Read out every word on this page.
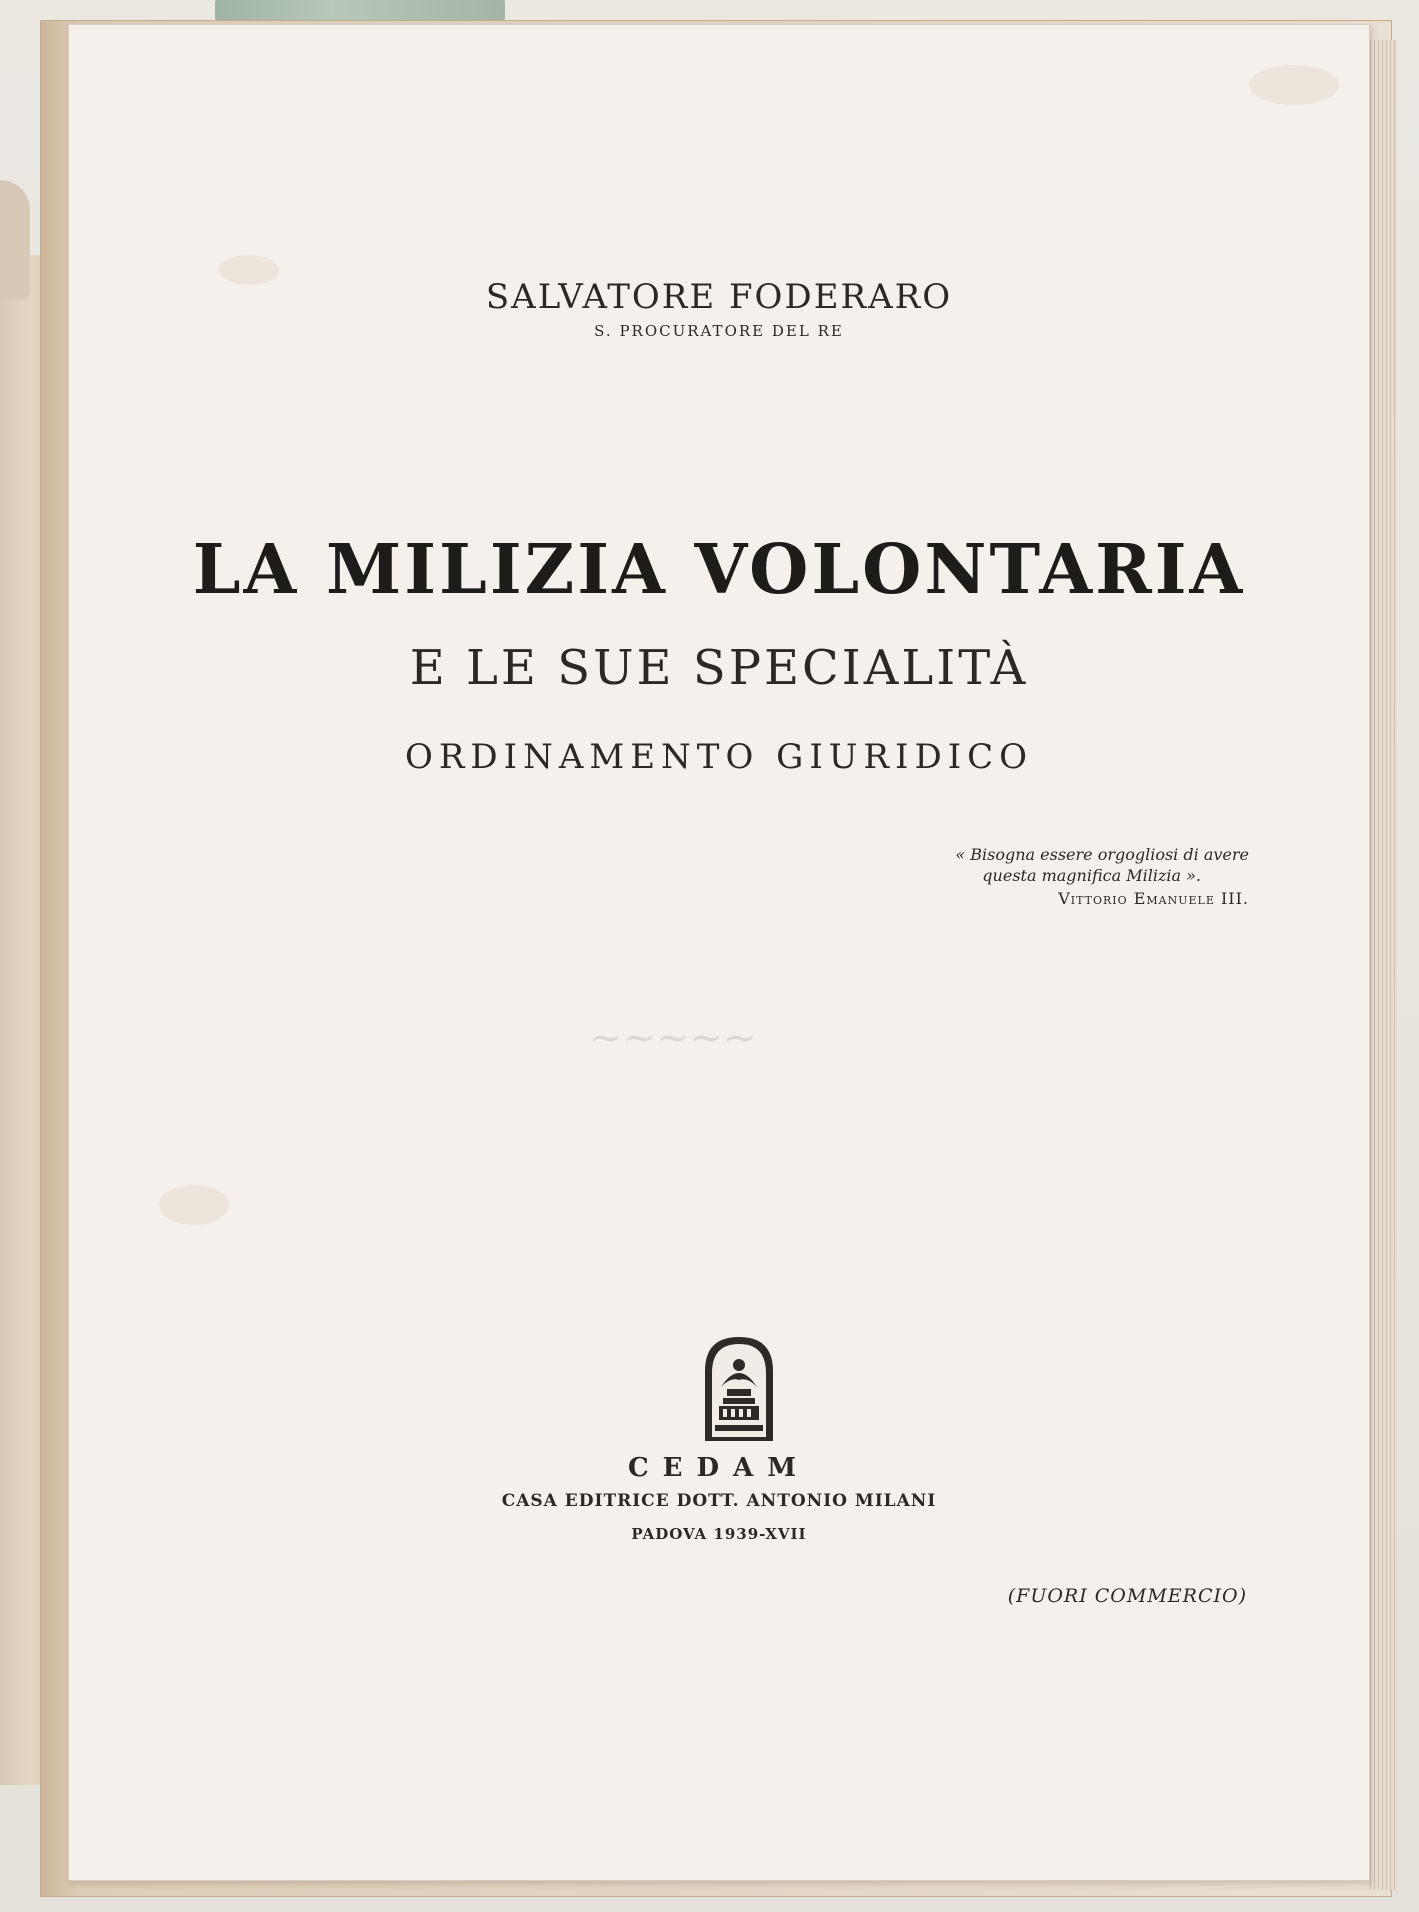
~~~~~
SALVATORE FODERARO
S. PROCURATORE DEL RE
LA MILIZIA VOLONTARIA
E LE SUE SPECIALITÀ
ORDINAMENTO GIURIDICO
« Bisogna essere orgogliosi di avere
questa magnifica Milizia ».
Vittorio Emanuele III.
CEDAM
CASA EDITRICE DOTT. ANTONIO MILANI
PADOVA 1939-XVII
(FUORI COMMERCIO)
